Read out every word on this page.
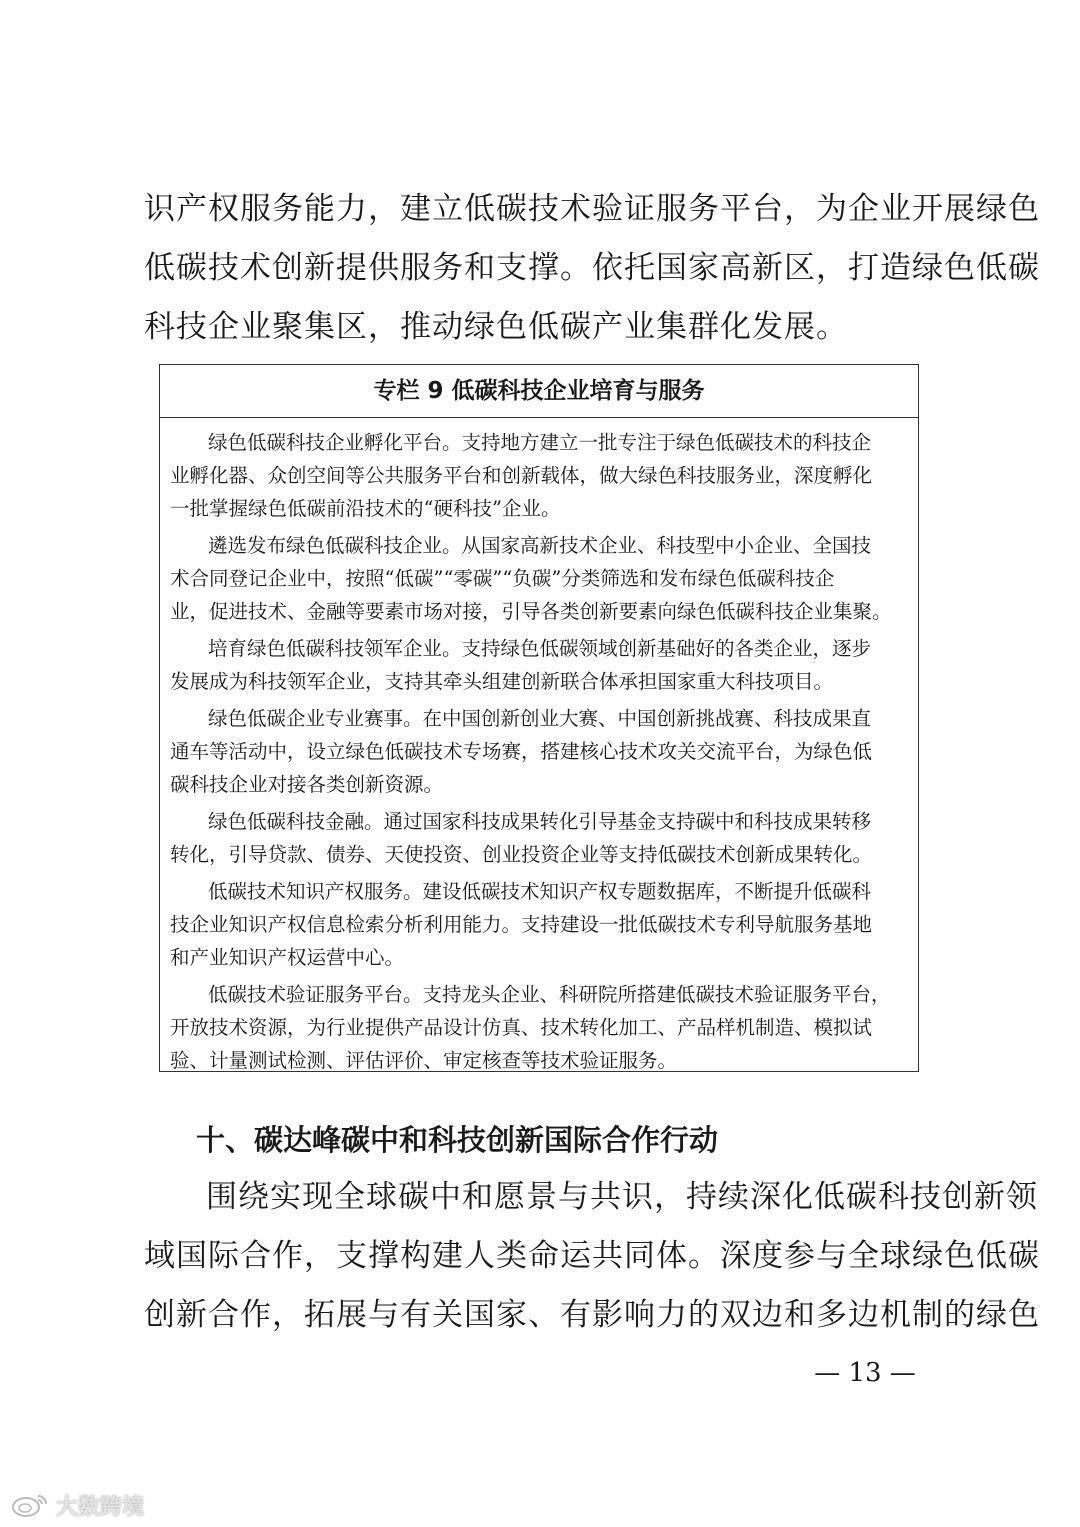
识产权服务能力，建立低碳技术验证服务平台，为企业开展绿色
低碳技术创新提供服务和支撑。依托国家高新区，打造绿色低碳
科技企业聚集区，推动绿色低碳产业集群化发展。
专栏 9 低碳科技企业培育与服务
绿色低碳科技企业孵化平台。支持地方建立一批专注于绿色低碳技术的科技企
业孵化器、众创空间等公共服务平台和创新载体，做大绿色科技服务业，深度孵化
一批掌握绿色低碳前沿技术的“硬科技”企业。
遴选发布绿色低碳科技企业。从国家高新技术企业、科技型中小企业、全国技
术合同登记企业中，按照“低碳”“零碳”“负碳”分类筛选和发布绿色低碳科技企
业，促进技术、金融等要素市场对接，引导各类创新要素向绿色低碳科技企业集聚。
培育绿色低碳科技领军企业。支持绿色低碳领域创新基础好的各类企业，逐步
发展成为科技领军企业，支持其牵头组建创新联合体承担国家重大科技项目。
绿色低碳企业专业赛事。在中国创新创业大赛、中国创新挑战赛、科技成果直
通车等活动中，设立绿色低碳技术专场赛，搭建核心技术攻关交流平台，为绿色低
碳科技企业对接各类创新资源。
绿色低碳科技金融。通过国家科技成果转化引导基金支持碳中和科技成果转移
转化，引导贷款、债券、天使投资、创业投资企业等支持低碳技术创新成果转化。
低碳技术知识产权服务。建设低碳技术知识产权专题数据库，不断提升低碳科
技企业知识产权信息检索分析利用能力。支持建设一批低碳技术专利导航服务基地
和产业知识产权运营中心。
低碳技术验证服务平台。支持龙头企业、科研院所搭建低碳技术验证服务平台，
开放技术资源，为行业提供产品设计仿真、技术转化加工、产品样机制造、模拟试
验、计量测试检测、评估评价、审定核查等技术验证服务。
十、碳达峰碳中和科技创新国际合作行动
围绕实现全球碳中和愿景与共识，持续深化低碳科技创新领
域国际合作，支撑构建人类命运共同体。深度参与全球绿色低碳
创新合作，拓展与有关国家、有影响力的双边和多边机制的绿色
— 13 —
大数跨境
